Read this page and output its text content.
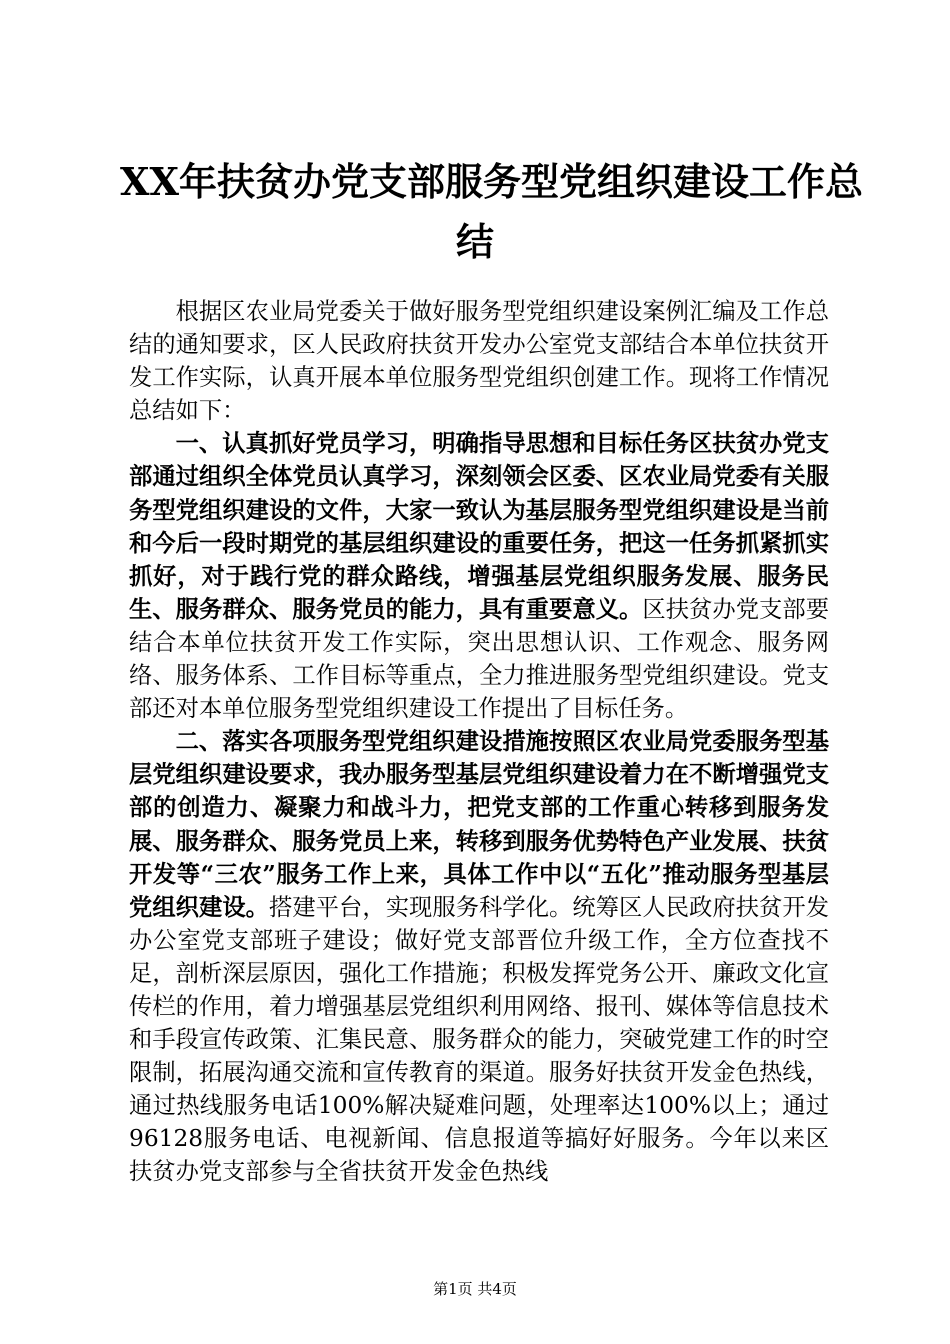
XX年扶贫办党支部服务型党组织建设工作总
结

根据区农业局党委关于做好服务型党组织建设案例汇编及工作总结的通知要求，区人民政府扶贫开发办公室党支部结合本单位扶贫开发工作实际，认真开展本单位服务型党组织创建工作。现将工作情况总结如下：

一、认真抓好党员学习，明确指导思想和目标任务区扶贫办党支部通过组织全体党员认真学习，深刻领会区委、区农业局党委有关服务型党组织建设的文件，大家一致认为基层服务型党组织建设是当前和今后一段时期党的基层组织建设的重要任务，把这一任务抓紧抓实抓好，对于践行党的群众路线，增强基层党组织服务发展、服务民生、服务群众、服务党员的能力，具有重要意义。区扶贫办党支部要结合本单位扶贫开发工作实际，突出思想认识、工作观念、服务网络、服务体系、工作目标等重点，全力推进服务型党组织建设。党支部还对本单位服务型党组织建设工作提出了目标任务。

二、落实各项服务型党组织建设措施按照区农业局党委服务型基层党组织建设要求，我办服务型基层党组织建设着力在不断增强党支部的创造力、凝聚力和战斗力，把党支部的工作重心转移到服务发展、服务群众、服务党员上来，转移到服务优势特色产业发展、扶贫开发等“三农”服务工作上来，具体工作中以“五化”推动服务型基层党组织建设。搭建平台，实现服务科学化。统筹区人民政府扶贫开发办公室党支部班子建设；做好党支部晋位升级工作，全方位查找不足，剖析深层原因，强化工作措施；积极发挥党务公开、廉政文化宣传栏的作用，着力增强基层党组织利用网络、报刊、媒体等信息技术和手段宣传政策、汇集民意、服务群众的能力，突破党建工作的时空限制，拓展沟通交流和宣传教育的渠道。服务好扶贫开发金色热线，通过热线服务电话100%解决疑难问题，处理率达100%以上；通过96128服务电话、电视新闻、信息报道等搞好好服务。今年以来区扶贫办党支部参与全省扶贫开发金色热线

第1页 共4页
